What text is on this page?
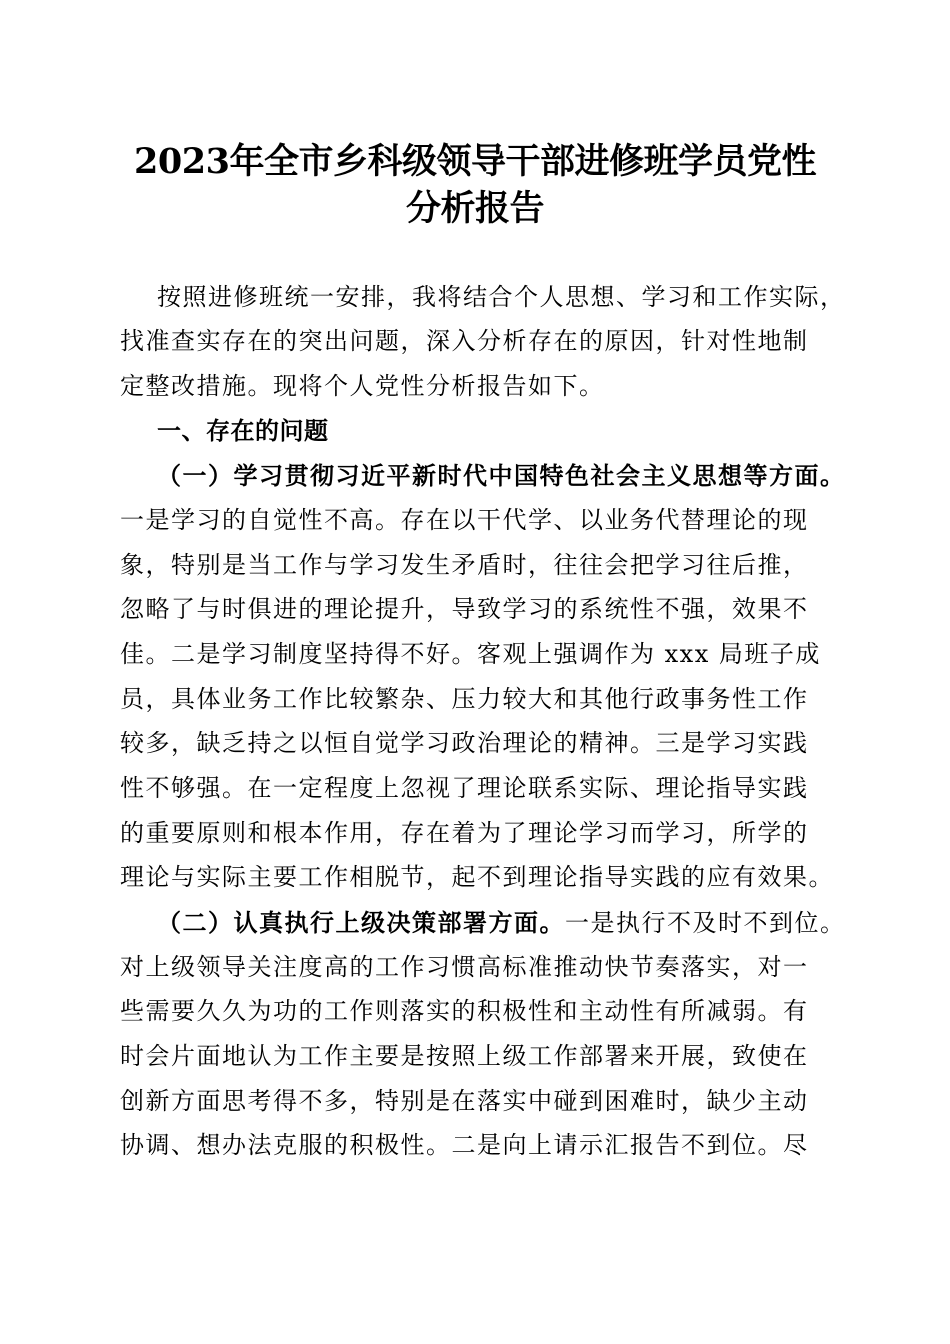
2023年全市乡科级领导干部进修班学员党性
分析报告
按照进修班统一安排，我将结合个人思想、学习和工作实际，
找准查实存在的突出问题，深入分析存在的原因，针对性地制
定整改措施。现将个人党性分析报告如下。
一、存在的问题
（一）学习贯彻习近平新时代中国特色社会主义思想等方面。
一是学习的自觉性不高。存在以干代学、以业务代替理论的现
象，特别是当工作与学习发生矛盾时，往往会把学习往后推，
忽略了与时俱进的理论提升，导致学习的系统性不强，效果不
佳。二是学习制度坚持得不好。客观上强调作为 xxx 局班子成
员，具体业务工作比较繁杂、压力较大和其他行政事务性工作
较多，缺乏持之以恒自觉学习政治理论的精神。三是学习实践
性不够强。在一定程度上忽视了理论联系实际、理论指导实践
的重要原则和根本作用，存在着为了理论学习而学习，所学的
理论与实际主要工作相脱节，起不到理论指导实践的应有效果。
（二）认真执行上级决策部署方面。一是执行不及时不到位。
对上级领导关注度高的工作习惯高标准推动快节奏落实，对一
些需要久久为功的工作则落实的积极性和主动性有所减弱。有
时会片面地认为工作主要是按照上级工作部署来开展，致使在
创新方面思考得不多，特别是在落实中碰到困难时，缺少主动
协调、想办法克服的积极性。二是向上请示汇报告不到位。尽
